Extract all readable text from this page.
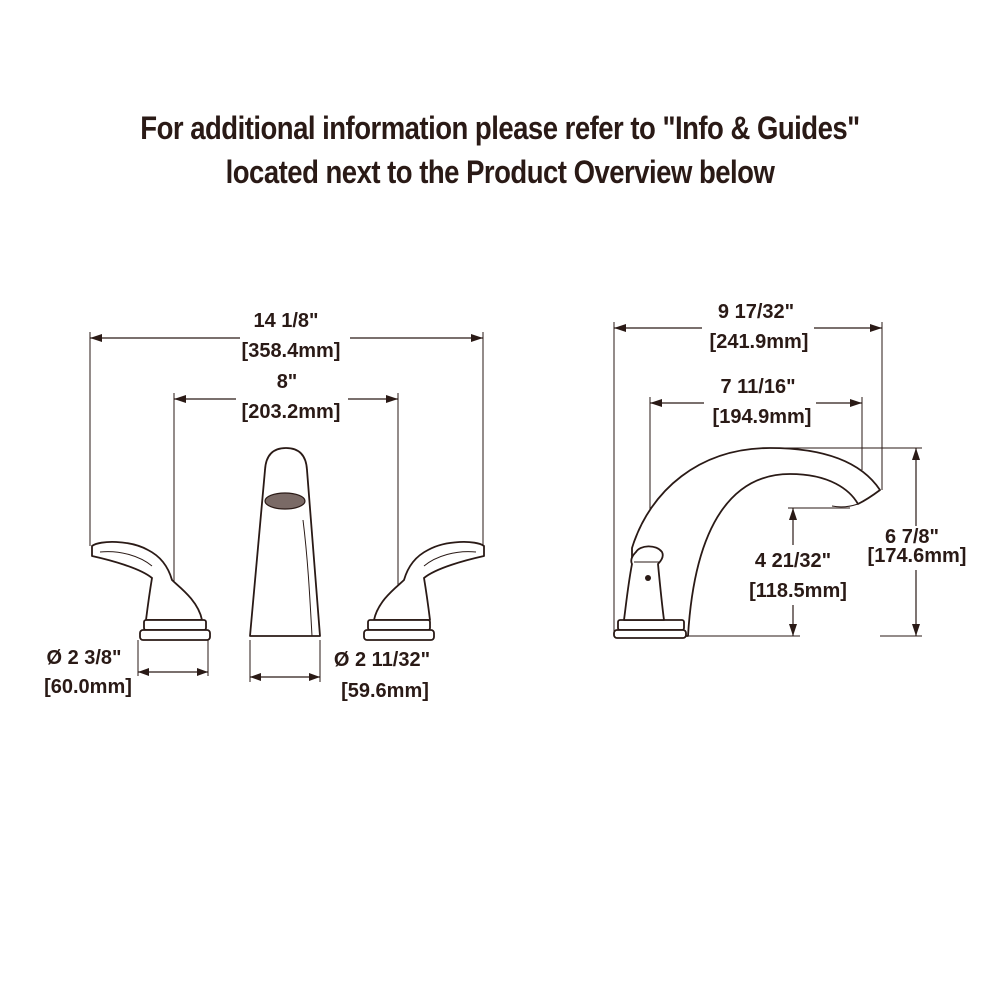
For additional information please refer to "Info & Guides"
located next to the Product Overview below
14 1/8"
[358.4mm]
8"
[203.2mm]
Ø 2 3/8"
[60.0mm]
Ø 2 11/32"
[59.6mm]
9 17/32"
[241.9mm]
7 11/16"
[194.9mm]
4 21/32"
[118.5mm]
6 7/8"
[174.6mm]
